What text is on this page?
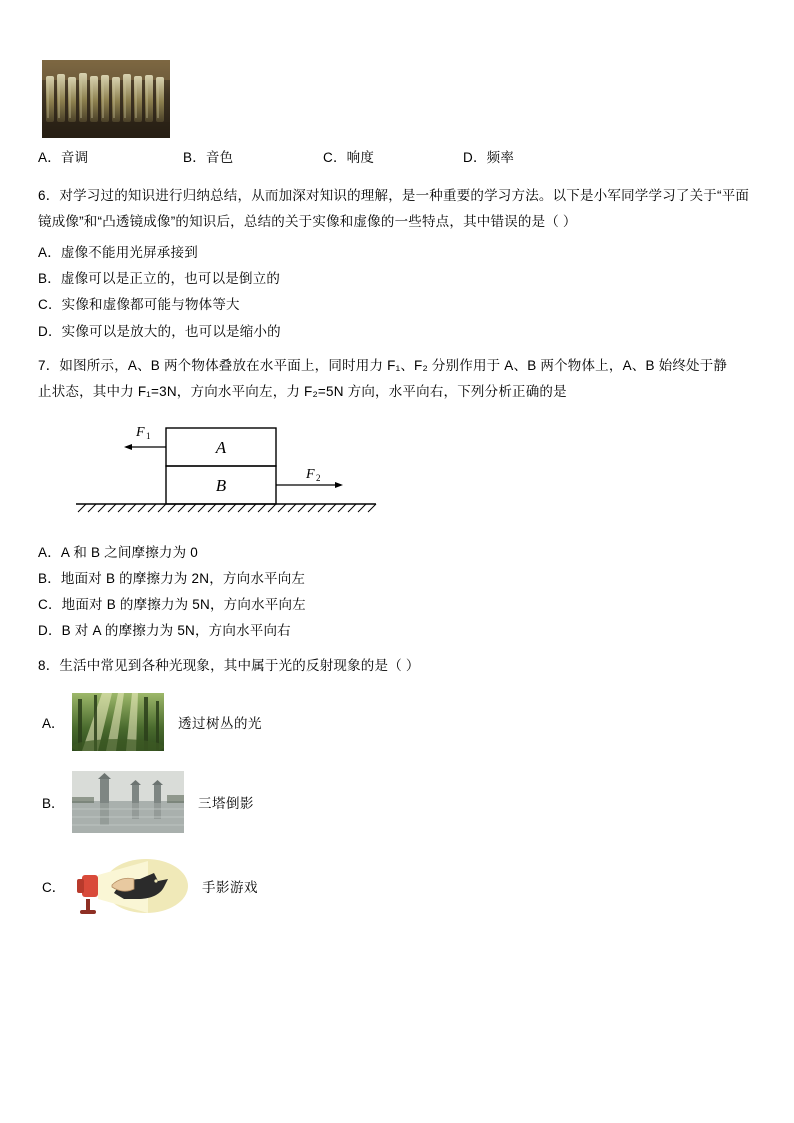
A．音调	B．音色	C．响度	D．频率
6．对学习过的知识进行归纳总结，从而加深对知识的理解，是一种重要的学习方法。以下是小军同学学习了关于“平面镜成像”和“凸透镜成像”的知识后，总结的关于实像和虚像的一些特点，其中错误的是（ ）
A．虚像不能用光屏承接到
B．虚像可以是正立的，也可以是倒立的
C．实像和虚像都可能与物体等大
D．实像可以是放大的，也可以是缩小的
7．如图所示，A、B 两个物体叠放在水平面上，同时用力 F₁、F₂ 分别作用于 A、B 两个物体上，A、B 始终处于静
止状态，其中力 F₁=3N，方向水平向左，力 F₂=5N 方向，水平向右，下列分析正确的是
A
B
F 1
F 2
A．A 和 B 之间摩擦力为 0
B．地面对 B 的摩擦力为 2N，方向水平向左
C．地面对 B 的摩擦力为 5N，方向水平向左
D．B 对 A 的摩擦力为 5N，方向水平向右
8．生活中常见到各种光现象，其中属于光的反射现象的是（ ）
A．	透过树丛的光
B．	三塔倒影
C．	手影游戏
